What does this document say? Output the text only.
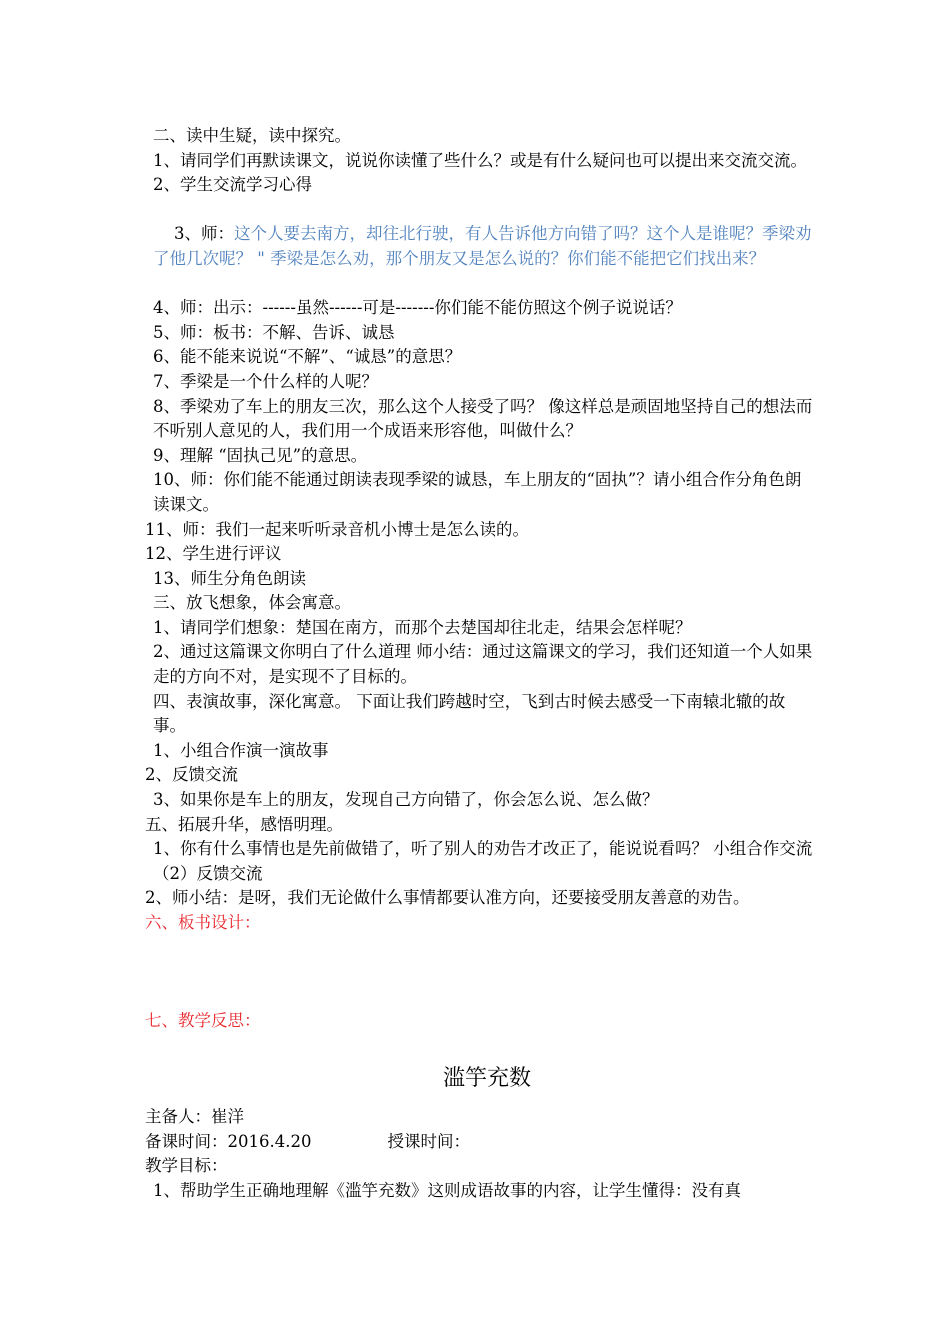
二、读中生疑，读中探究。
1、请同学们再默读课文，说说你读懂了些什么？或是有什么疑问也可以提出来交流交流。
2、学生交流学习心得

3、师：这个人要去南方，却往北行驶，有人告诉他方向错了吗？这个人是谁呢？季梁劝了他几次呢？ " 季梁是怎么劝，那个朋友又是怎么说的？你们能不能把它们找出来？

4、师：出示：------虽然------可是-------你们能不能仿照这个例子说说话？
5、师：板书：不解、告诉、诚恳
6、能不能来说说“不解”、“诚恳”的意思？
7、季梁是一个什么样的人呢？
8、季梁劝了车上的朋友三次，那么这个人接受了吗？ 像这样总是顽固地坚持自己的想法而不听别人意见的人，我们用一个成语来形容他，叫做什么？
9、理解 “固执己见”的意思。
10、师：你们能不能通过朗读表现季梁的诚恳，车上朋友的“固执”？请小组合作分角色朗读课文。
11、师：我们一起来听听录音机小博士是怎么读的。
12、学生进行评议
13、师生分角色朗读
三、放飞想象，体会寓意。
1、请同学们想象：楚国在南方，而那个去楚国却往北走，结果会怎样呢？
2、通过这篇课文你明白了什么道理 师小结：通过这篇课文的学习，我们还知道一个人如果走的方向不对，是实现不了目标的。
四、表演故事，深化寓意。 下面让我们跨越时空，飞到古时候去感受一下南辕北辙的故事。
1、小组合作演一演故事
2、反馈交流
3、如果你是车上的朋友，发现自己方向错了，你会怎么说、怎么做？
五、拓展升华，感悟明理。
1、你有什么事情也是先前做错了，听了别人的劝告才改正了，能说说看吗？ 小组合作交流（2）反馈交流
2、师小结：是呀，我们无论做什么事情都要认准方向，还要接受朋友善意的劝告。
六、板书设计：
七、教学反思：
滥竽充数
主备人：崔洋
备课时间：2016.4.20	授课时间：
教学目标：
1、帮助学生正确地理解《滥竽充数》这则成语故事的内容，让学生懂得：没有真
